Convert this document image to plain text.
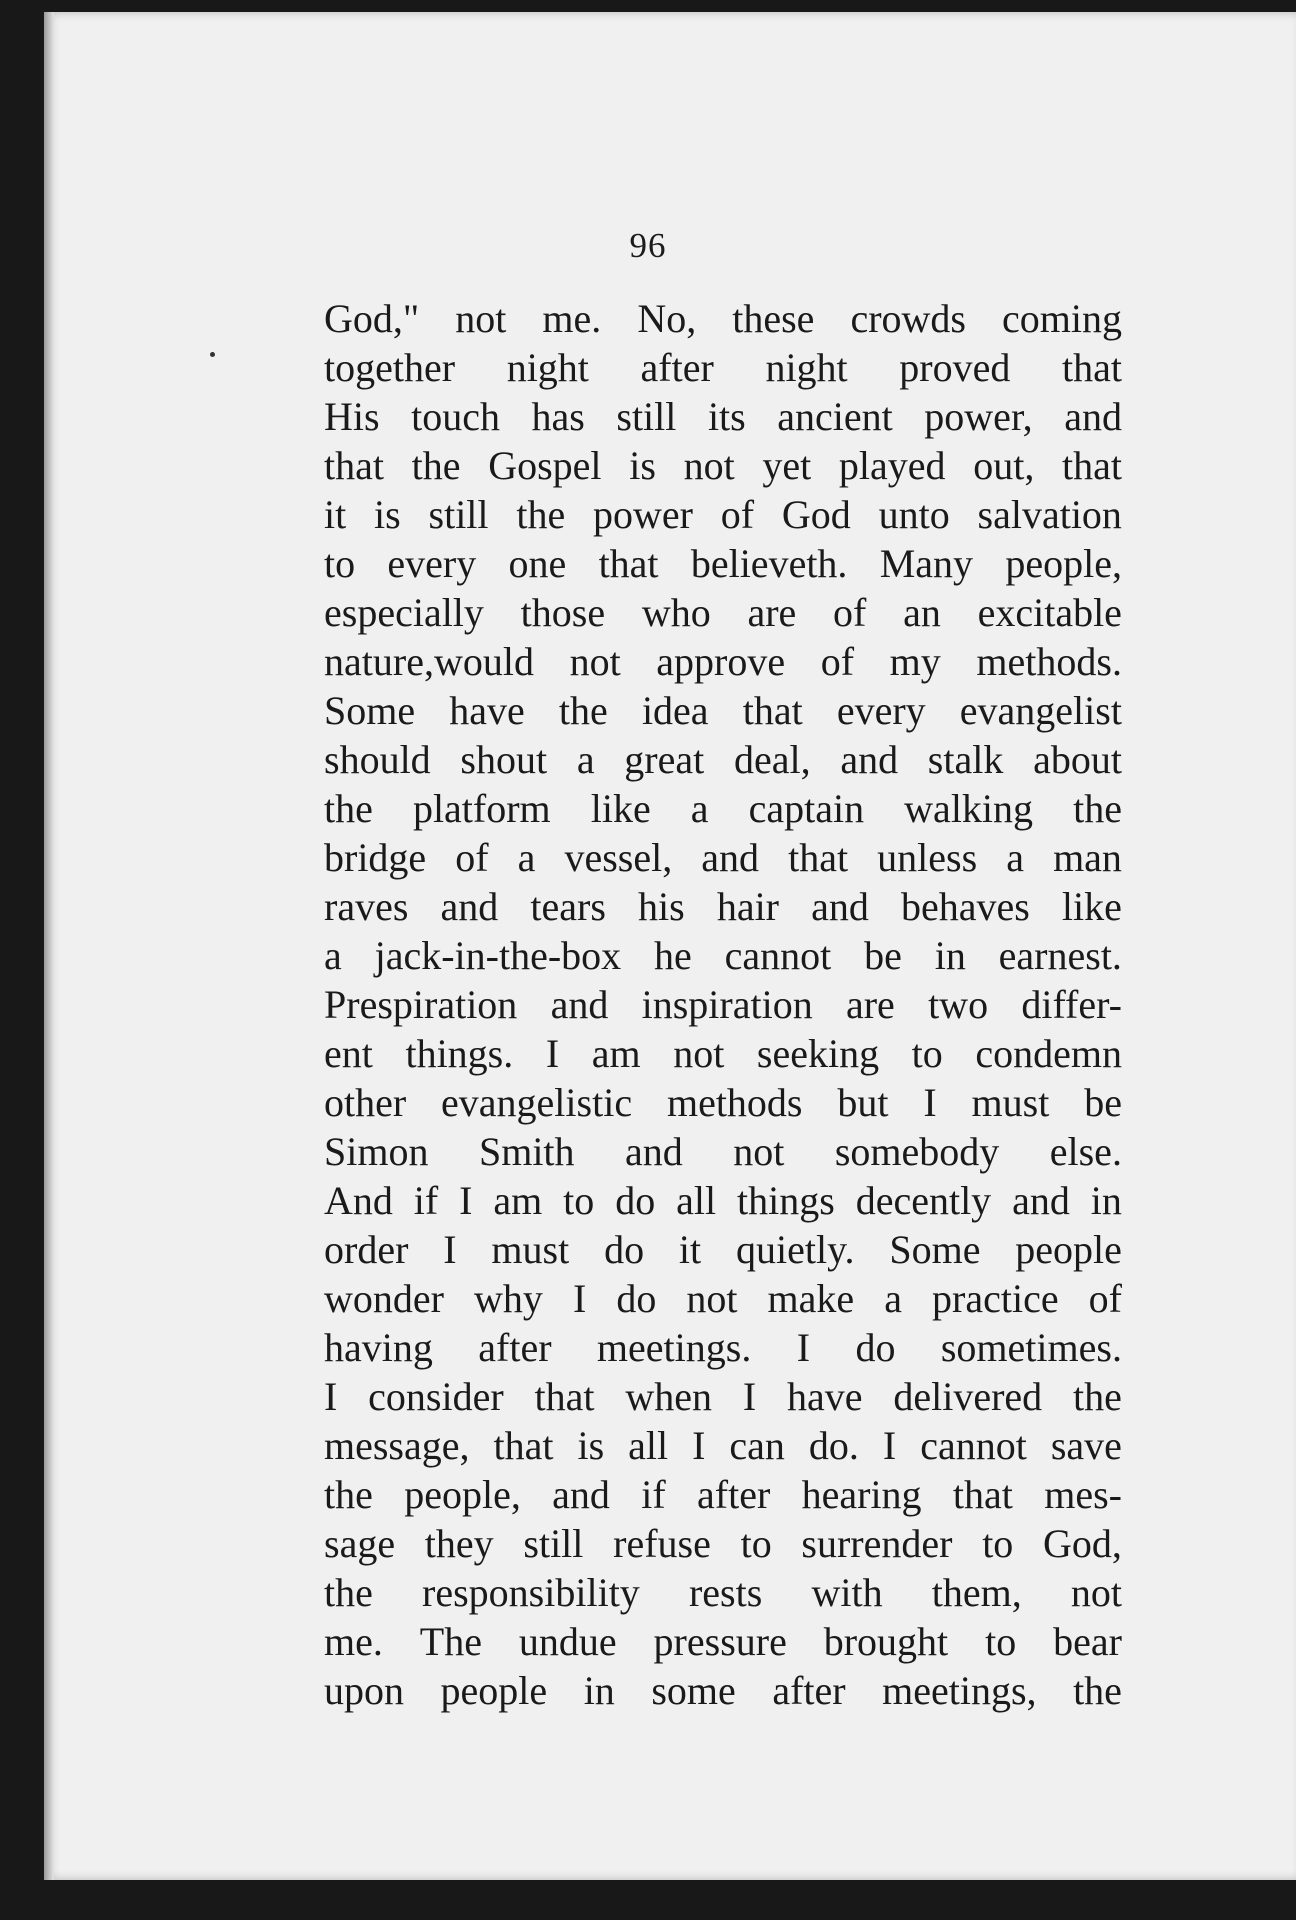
96
God," not me. No, these crowds coming
together night after night proved that
His touch has still its ancient power, and
that the Gospel is not yet played out, that
it is still the power of God unto salvation
to every one that believeth. Many people,
especially those who are of an excitable
nature,would not approve of my methods.
Some have the idea that every evangelist
should shout a great deal, and stalk about
the platform like a captain walking the
bridge of a vessel, and that unless a man
raves and tears his hair and behaves like
a jack-in-the-box he cannot be in earnest.
Prespiration and inspiration are two differ-
ent things. I am not seeking to condemn
other evangelistic methods but I must be
Simon Smith and not somebody else.
And if I am to do all things decently and in
order I must do it quietly. Some people
wonder why I do not make a practice of
having after meetings. I do sometimes.
I consider that when I have delivered the
message, that is all I can do. I cannot save
the people, and if after hearing that mes-
sage they still refuse to surrender to God,
the responsibility rests with them, not
me. The undue pressure brought to bear
upon people in some after meetings, the
